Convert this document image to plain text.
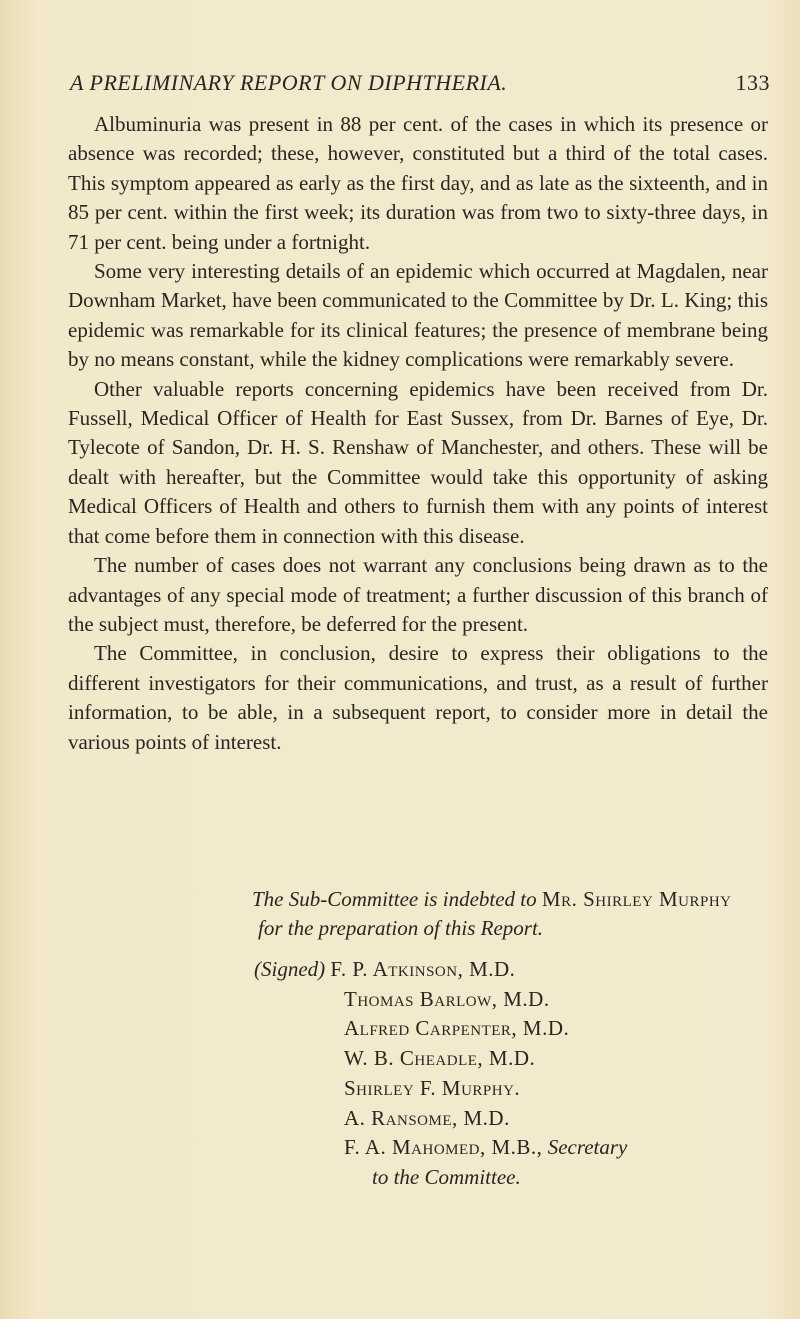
A PRELIMINARY REPORT ON DIPHTHERIA.	133

Albuminuria was present in 88 per cent. of the cases in which its presence or absence was recorded; these, however, constituted but a third of the total cases. This symptom appeared as early as the first day, and as late as the sixteenth, and in 85 per cent. within the first week; its duration was from two to sixty-three days, in 71 per cent. being under a fortnight.

Some very interesting details of an epidemic which occurred at Magdalen, near Downham Market, have been communicated to the Committee by Dr. L. King; this epidemic was remarkable for its clinical features; the presence of membrane being by no means constant, while the kidney complications were remarkably severe.

Other valuable reports concerning epidemics have been received from Dr. Fussell, Medical Officer of Health for East Sussex, from Dr. Barnes of Eye, Dr. Tylecote of Sandon, Dr. H. S. Renshaw of Manchester, and others. These will be dealt with hereafter, but the Committee would take this opportunity of asking Medical Officers of Health and others to furnish them with any points of interest that come before them in connection with this disease.

The number of cases does not warrant any conclusions being drawn as to the advantages of any special mode of treatment; a further discussion of this branch of the subject must, therefore, be deferred for the present.

The Committee, in conclusion, desire to express their obligations to the different investigators for their communications, and trust, as a result of further information, to be able, in a subsequent report, to consider more in detail the various points of interest.

The Sub-Committee is indebted to Mr. Shirley Murphy
for the preparation of this Report.
(Signed) F. P. Atkinson, M.D.
Thomas Barlow, M.D.
Alfred Carpenter, M.D.
W. B. Cheadle, M.D.
Shirley F. Murphy.
A. Ransome, M.D.
F. A. Mahomed, M.B., Secretary
to the Committee.
